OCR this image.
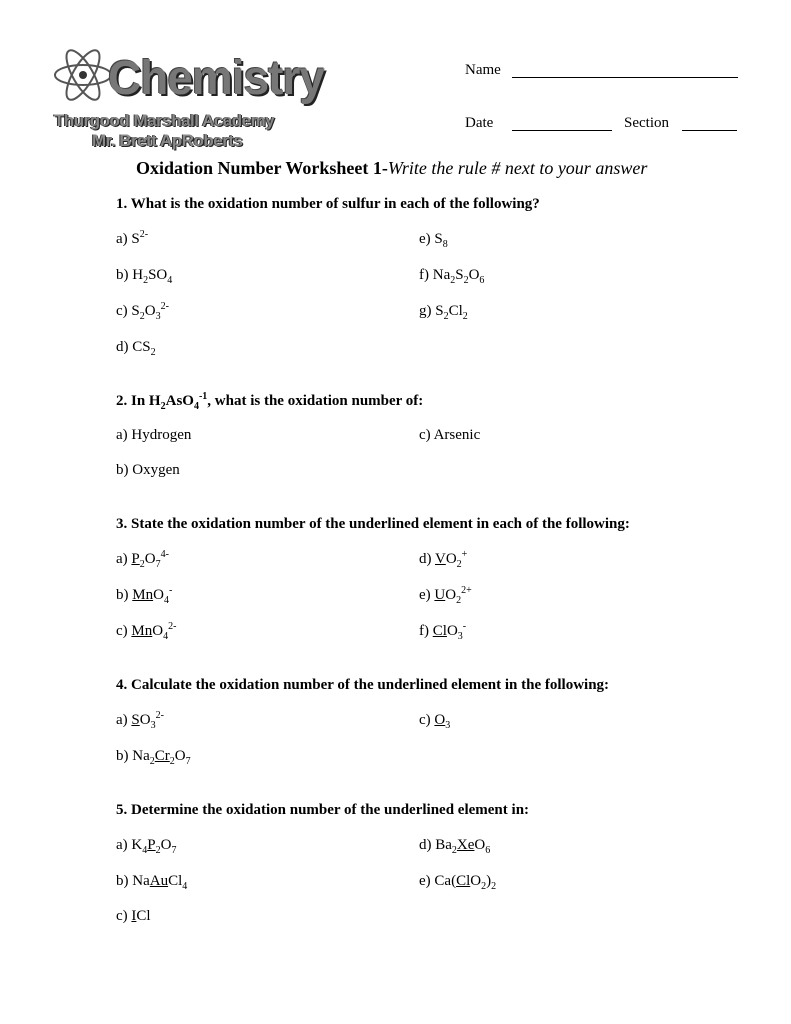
Chemistry
Thurgood Marshall Academy
Mr. Brett ApRoberts
Name
Date	Section
Oxidation Number Worksheet 1-Write the rule # next to your answer
1. What is the oxidation number of sulfur in each of the following?
a) $S^{2-}$
b) $H_2SO_4$
c) $S_2O_3^{2-}$
d) $CS_2$
e) $S_8$
f) $Na_2S_2O_6$
g) $S_2Cl_2$
2. In $H_2AsO_4^{-1}$, what is the oxidation number of:
a) Hydrogen
b) Oxygen
c) Arsenic
3. State the oxidation number of the underlined element in each of the following:
a) $P_2O_7^{4-}$
b) MnO$_4$-
c) MnO$_4^{2-}$
d) $VO_2^+$
e) $UO_2^{2+}$
f) ClO$_3$-
4. Calculate the oxidation number of the underlined element in the following:
a) $SO_3^{2-}$
b) $Na_2Cr_2O_7$
c) $O_3$
5. Determine the oxidation number of the underlined element in:
a) $K_4P_2O_7$
b) NaAuCl$_4$
c) ICl
d) $Ba_2XeO_6$
e) $Ca(ClO_2)_2$
